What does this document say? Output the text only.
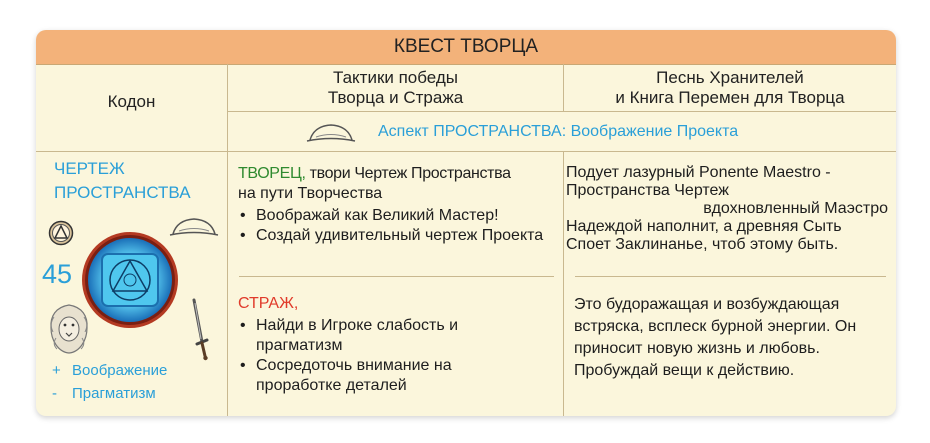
КВЕСТ ТВОРЦА
Кодон
Тактики победы
Творца и Стража
Песнь Хранителей
и Книга Перемен для Творца
Аспект ПРОСТРАНСТВА: Воображение Проекта
ЧЕРТЕЖ
ПРОСТРАНСТВА
45
+ Воображение
- Прагматизм
ТВОРЕЦ, твори Чертеж Пространства
на пути Творчества
• Воображай как Великий Мастер!
• Создай удивительный чертеж Проекта
СТРАЖ,
• Найди в Игроке слабость и прагматизм
• Сосредоточь внимание на проработке деталей
Подует лазурный Ponente Maestro -
Пространства Чертеж
вдохновленный Маэстро
Надеждой наполнит, а древняя Сыть
Споет Заклинанье, чтоб этому быть.
Это будоражащая и возбуждающая встряска, всплеск бурной энергии. Он приносит новую жизнь и любовь. Пробуждай вещи к действию.
